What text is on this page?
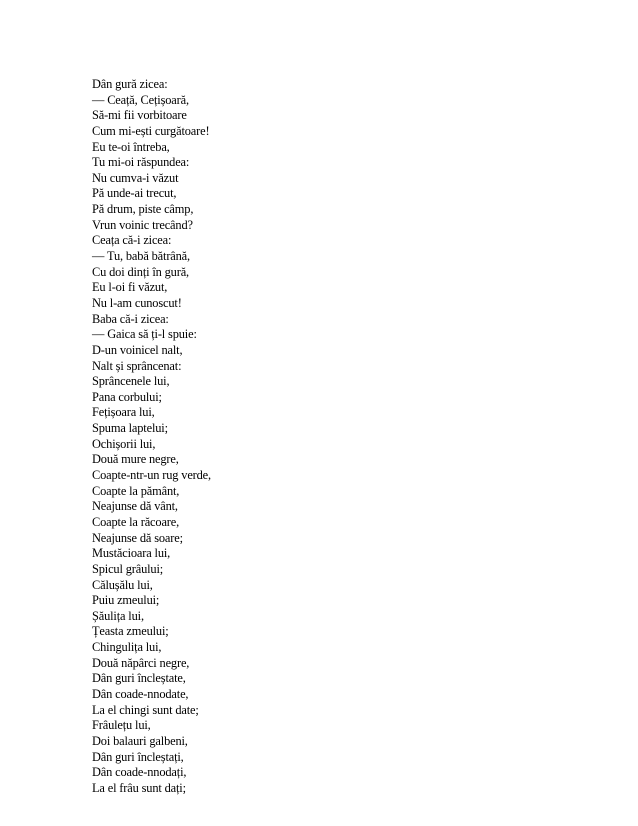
Dân gură zicea:
— Ceață, Cețișoară,
Să-mi fii vorbitoare
Cum mi-ești curgătoare!
Eu te-oi întreba,
Tu mi-oi răspundea:
Nu cumva-i văzut
Pă unde-ai trecut,
Pă drum, piste câmp,
Vrun voinic trecând?
Ceața că-i zicea:
— Tu, babă bătrână,
Cu doi dinți în gură,
Eu l-oi fi văzut,
Nu l-am cunoscut!
Baba că-i zicea:
— Gaica să ți-l spuie:
D-un voinicel nalt,
Nalt și sprâncenat:
Sprâncenele lui,
Pana corbului;
Fețișoara lui,
Spuma laptelui;
Ochișorii lui,
Două mure negre,
Coapte-ntr-un rug verde,
Coapte la pământ,
Neajunse dă vânt,
Coapte la răcoare,
Neajunse dă soare;
Mustăcioara lui,
Spicul grâului;
Călușălu lui,
Puiu zmeului;
Șăulița lui,
Țeasta zmeului;
Chingulița lui,
Două năpârci negre,
Dân guri încleștate,
Dân coade-nnodate,
La el chingi sunt date;
Frâulețu lui,
Doi balauri galbeni,
Dân guri încleștați,
Dân coade-nnodați,
La el frâu sunt dați;
